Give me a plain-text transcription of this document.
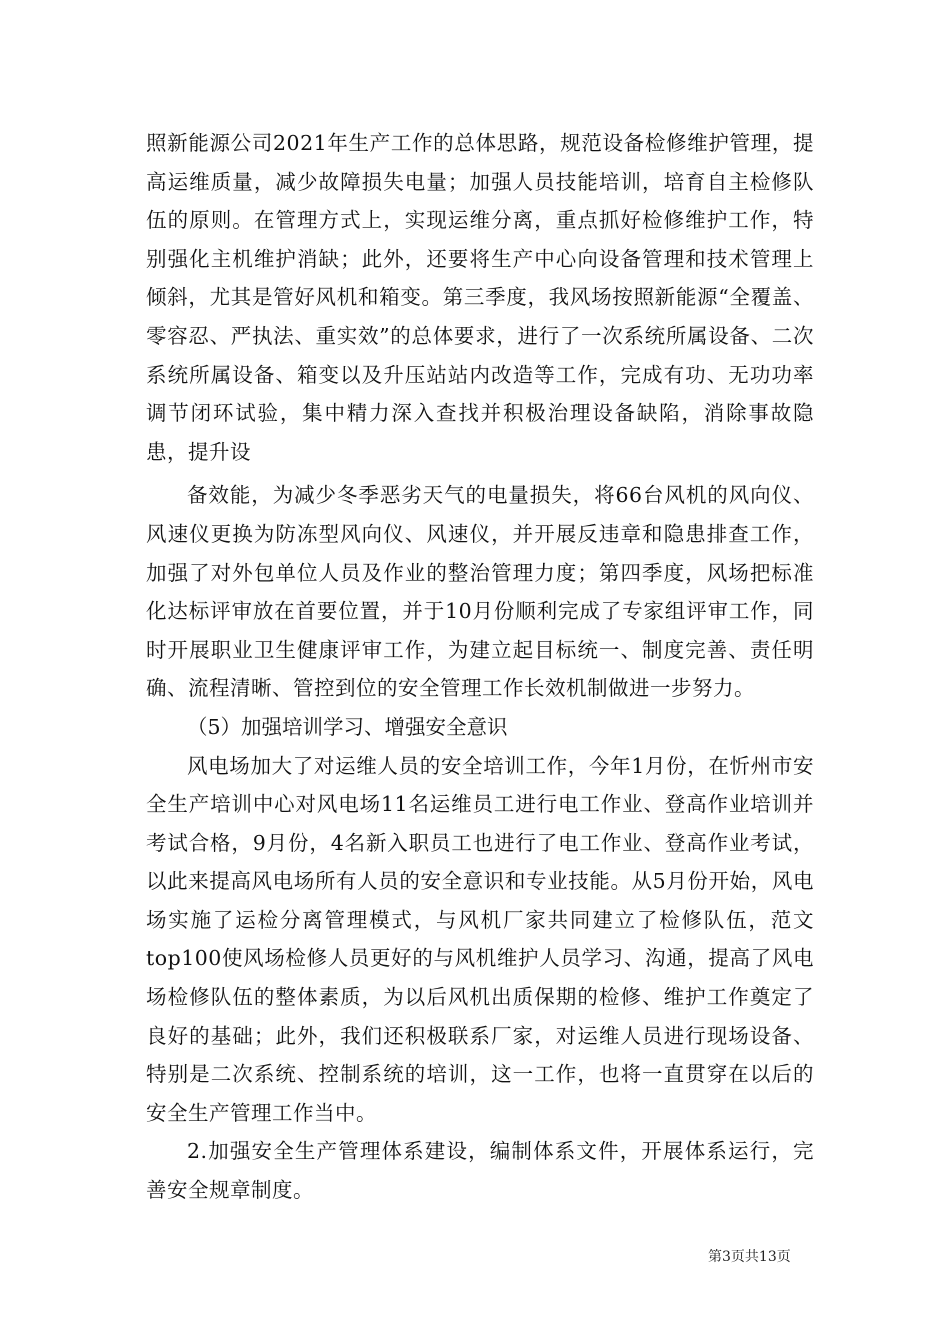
照新能源公司2021年生产工作的总体思路，规范设备检修维护管理，提高运维质量，减少故障损失电量；加强人员技能培训，培育自主检修队伍的原则。在管理方式上，实现运维分离，重点抓好检修维护工作，特别强化主机维护消缺；此外，还要将生产中心向设备管理和技术管理上倾斜，尤其是管好风机和箱变。第三季度，我风场按照新能源“全覆盖、零容忍、严执法、重实效”的总体要求，进行了一次系统所属设备、二次系统所属设备、箱变以及升压站站内改造等工作，完成有功、无功功率调节闭环试验，集中精力深入查找并积极治理设备缺陷，消除事故隐患，提升设

备效能，为减少冬季恶劣天气的电量损失，将66台风机的风向仪、风速仪更换为防冻型风向仪、风速仪，并开展反违章和隐患排查工作，加强了对外包单位人员及作业的整治管理力度；第四季度，风场把标准化达标评审放在首要位置，并于10月份顺利完成了专家组评审工作，同时开展职业卫生健康评审工作，为建立起目标统一、制度完善、责任明确、流程清晰、管控到位的安全管理工作长效机制做进一步努力。

（5）加强培训学习、增强安全意识

风电场加大了对运维人员的安全培训工作，今年1月份，在忻州市安全生产培训中心对风电场11名运维员工进行电工作业、登高作业培训并考试合格，9月份，4名新入职员工也进行了电工作业、登高作业考试，以此来提高风电场所有人员的安全意识和专业技能。从5月份开始，风电场实施了运检分离管理模式，与风机厂家共同建立了检修队伍，范文top100使风场检修人员更好的与风机维护人员学习、沟通，提高了风电场检修队伍的整体素质，为以后风机出质保期的检修、维护工作奠定了良好的基础；此外，我们还积极联系厂家，对运维人员进行现场设备、特别是二次系统、控制系统的培训，这一工作，也将一直贯穿在以后的安全生产管理工作当中。

2.加强安全生产管理体系建设，编制体系文件，开展体系运行，完善安全规章制度。

第3页共13页
